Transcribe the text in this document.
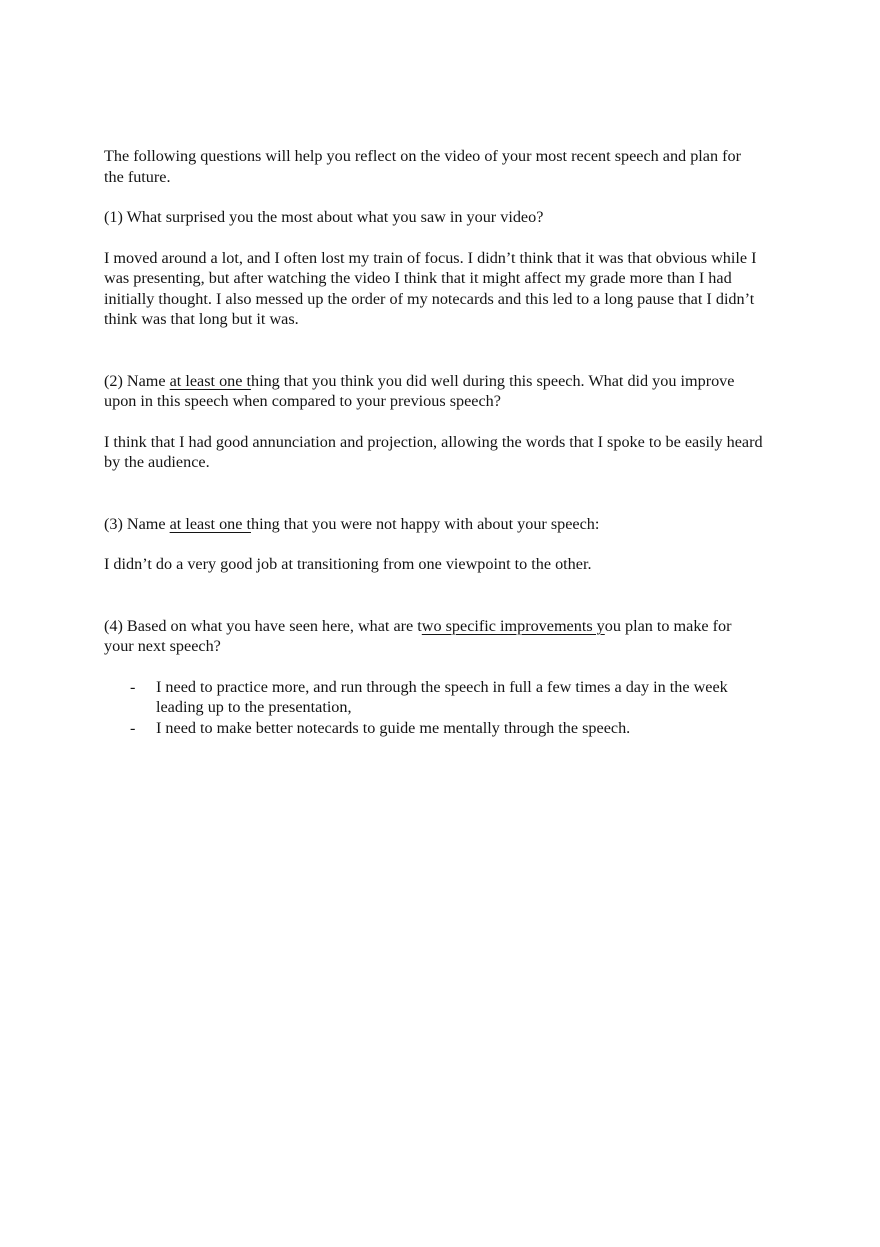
The following questions will help you reflect on the video of your most recent speech and plan for the future.

(1) What surprised you the most about what you saw in your video?

I moved around a lot, and I often lost my train of focus. I didn’t think that it was that obvious while I was presenting, but after watching the video I think that it might affect my grade more than I had initially thought. I also messed up the order of my notecards and this led to a long pause that I didn’t think was that long but it was.

(2) Name at least one thing that you think you did well during this speech. What did you improve upon in this speech when compared to your previous speech?

I think that I had good annunciation and projection, allowing the words that I spoke to be easily heard by the audience.

(3) Name at least one thing that you were not happy with about your speech:

I didn’t do a very good job at transitioning from one viewpoint to the other.

(4) Based on what you have seen here, what are two specific improvements you plan to make for your next speech?

- I need to practice more, and run through the speech in full a few times a day in the week leading up to the presentation,
- I need to make better notecards to guide me mentally through the speech.
